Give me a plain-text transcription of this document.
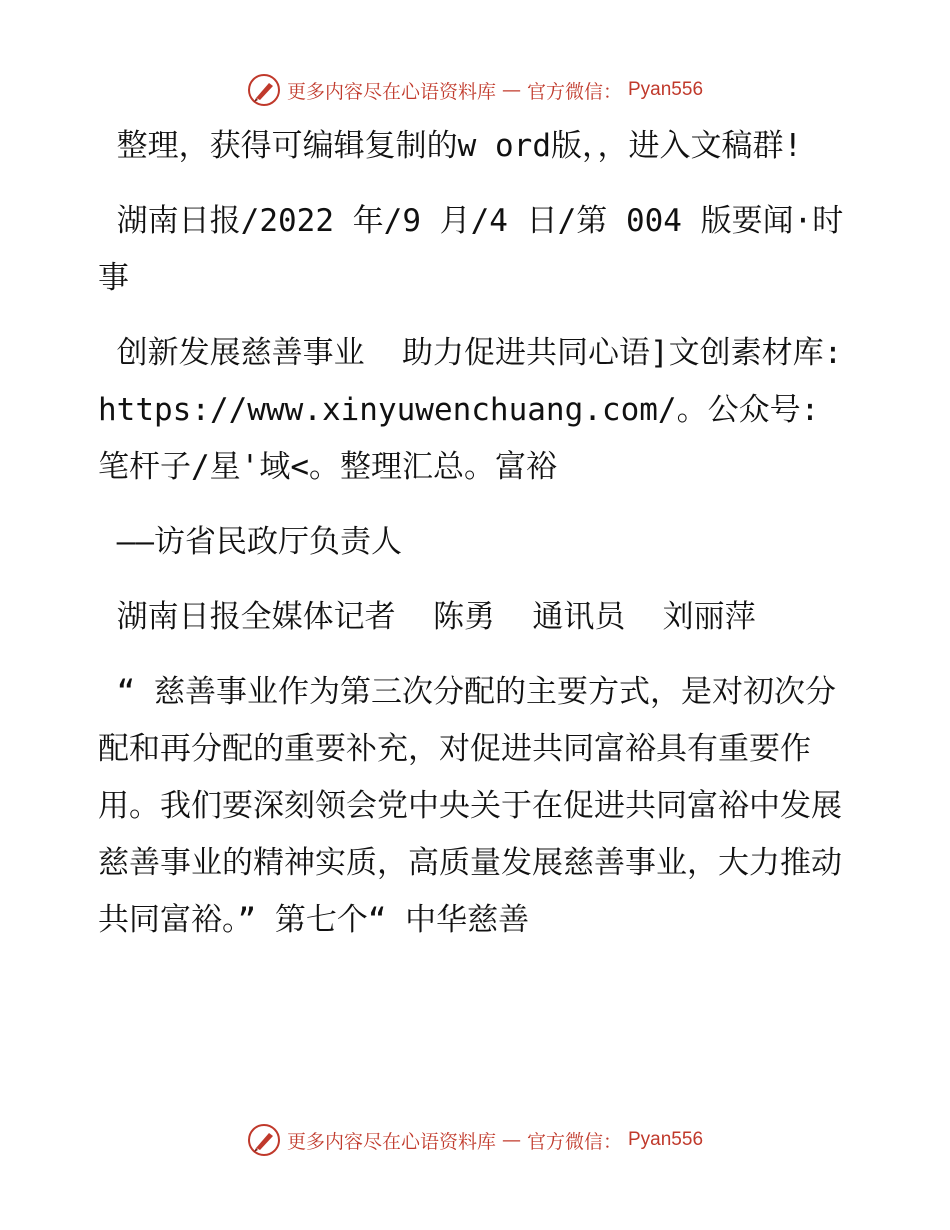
更多内容尽在心语资料库 — 官方微信： Pyan556

整理，获得可编辑复制的w ord版，，进入文稿群!

湖南日报/2022 年/9 月/4 日/第 004 版要闻·时事

创新发展慈善事业  助力促进共同心语]文创素材库: https://www.xinyuwenchuang.com/。公众号: 笔杆子/星'域<。整理汇总。富裕

——访省民政厅负责人

湖南日报全媒体记者  陈勇  通讯员  刘丽萍

“ 慈善事业作为第三次分配的主要方式，是对初次分配和再分配的重要补充，对促进共同富裕具有重要作用。我们要深刻领会党中央关于在促进共同富裕中发展慈善事业的精神实质，高质量发展慈善事业，大力推动共同富裕。” 第七个“ 中华慈善

更多内容尽在心语资料库 — 官方微信： Pyan556
